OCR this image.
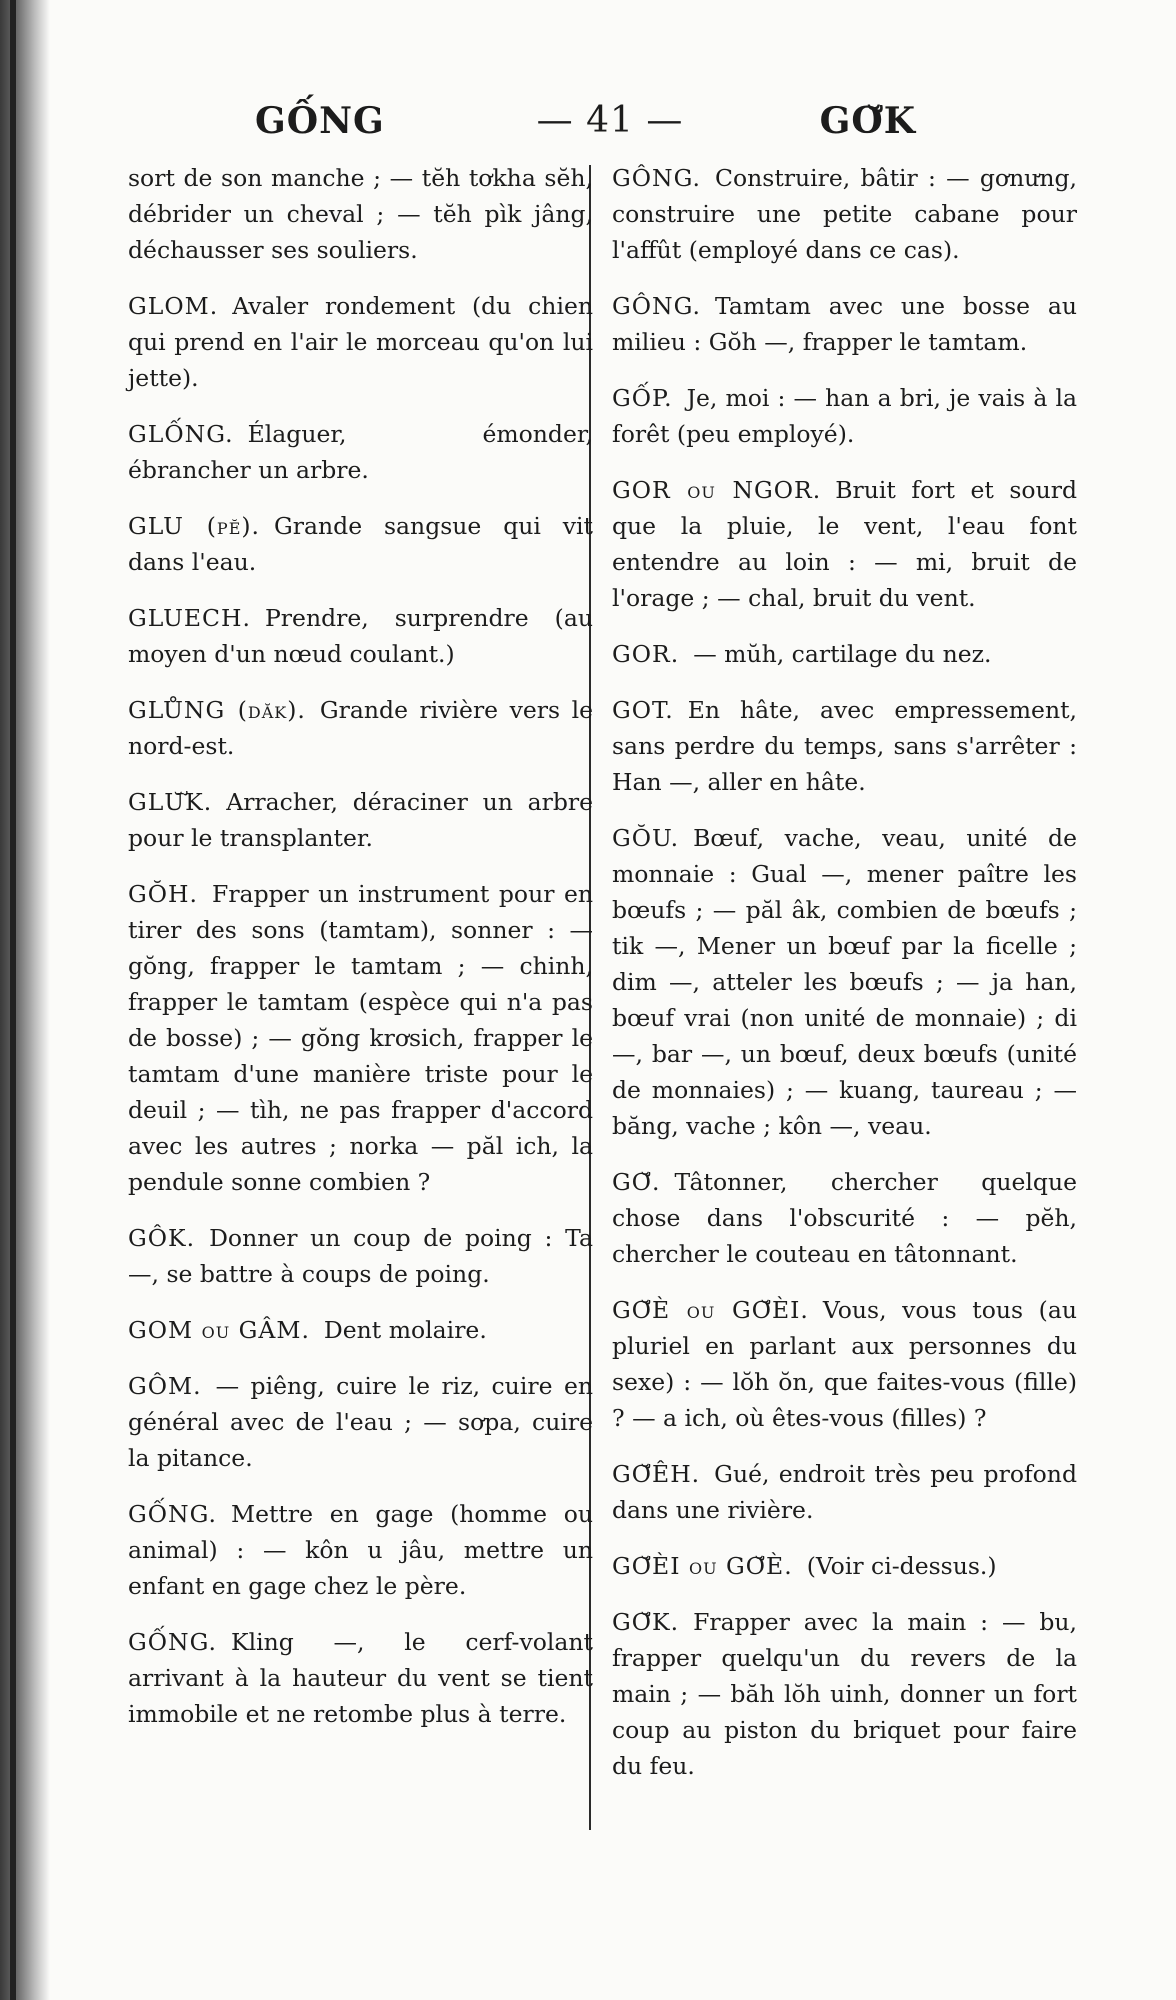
GỐNG	— 41 —	GƠ̆K

sort de son manche ; — tĕh tơkha sĕh, débrider un cheval ; — tĕh pìk jâng, déchausser ses souliers.

GLOM. Avaler rondement (du chien qui prend en l'air le morceau qu'on lui jette).

GLỐNG. Élaguer, émonder, ébrancher un arbre.

GLU (pĕ). Grande sangsue qui vit dans l'eau.

GLUECH. Prendre, surprendre (au moyen d'un nœud coulant.)

GLŮNG (dăk). Grande rivière vers le nord-est.

GLƯ̆K. Arracher, déraciner un arbre pour le transplanter.

GŎH. Frapper un instrument pour en tirer des sons (tamtam), sonner : — gŏng, frapper le tamtam ; — chinh, frapper le tamtam (espèce qui n'a pas de bosse) ; — gŏng krơsich, frapper le tamtam d'une manière triste pour le deuil ; — tìh, ne pas frapper d'accord avec les autres ; norka — păl ich, la pendule sonne combien ?

GÔK. Donner un coup de poing : Ta —, se battre à coups de poing.

GOM ou GÂM. Dent molaire.

GÔM. — piêng, cuire le riz, cuire en général avec de l'eau ; — sơpa, cuire la pitance.

GỐNG. Mettre en gage (homme ou animal) : — kôn u jâu, mettre un enfant en gage chez le père.

GỐNG. Kling —, le cerf-volant arrivant à la hauteur du vent se tient immobile et ne retombe plus à terre.

GÔNG. Construire, bâtir : — gơnưng, construire une petite cabane pour l'affût (employé dans ce cas).

GÔNG. Tamtam avec une bosse au milieu : Gŏh —, frapper le tamtam.

GỐP. Je, moi : — han a bri, je vais à la forêt (peu employé).

GOR ou NGOR. Bruit fort et sourd que la pluie, le vent, l'eau font entendre au loin : — mi, bruit de l'orage ; — chal, bruit du vent.

GOR. — mŭh, cartilage du nez.

GOT. En hâte, avec empressement, sans perdre du temps, sans s'arrêter : Han —, aller en hâte.

GŎU. Bœuf, vache, veau, unité de monnaie : Gual —, mener paître les bœufs ; — păl âk, combien de bœufs ; tik —, Mener un bœuf par la ficelle ; dim —, atteler les bœufs ; — ja han, bœuf vrai (non unité de monnaie) ; di —, bar —, un bœuf, deux bœufs (unité de monnaies) ; — kuang, taureau ; — băng, vache ; kôn —, veau.

GƠ̆. Tâtonner, chercher quelque chose dans l'obscurité : — pĕh, chercher le couteau en tâtonnant.

GƠ̆È ou GƠ̆ÈI. Vous, vous tous (au pluriel en parlant aux personnes du sexe) : — lŏh ŏn, que faites-vous (fille) ? — a ich, où êtes-vous (filles) ?

GƠ̆ÊH. Gué, endroit très peu profond dans une rivière.

GƠ̆ÈI ou GƠ̆È. (Voir ci-dessus.)

GƠ̆K. Frapper avec la main : — bu, frapper quelqu'un du revers de la main ; — băh lŏh uinh, donner un fort coup au piston du briquet pour faire du feu.
